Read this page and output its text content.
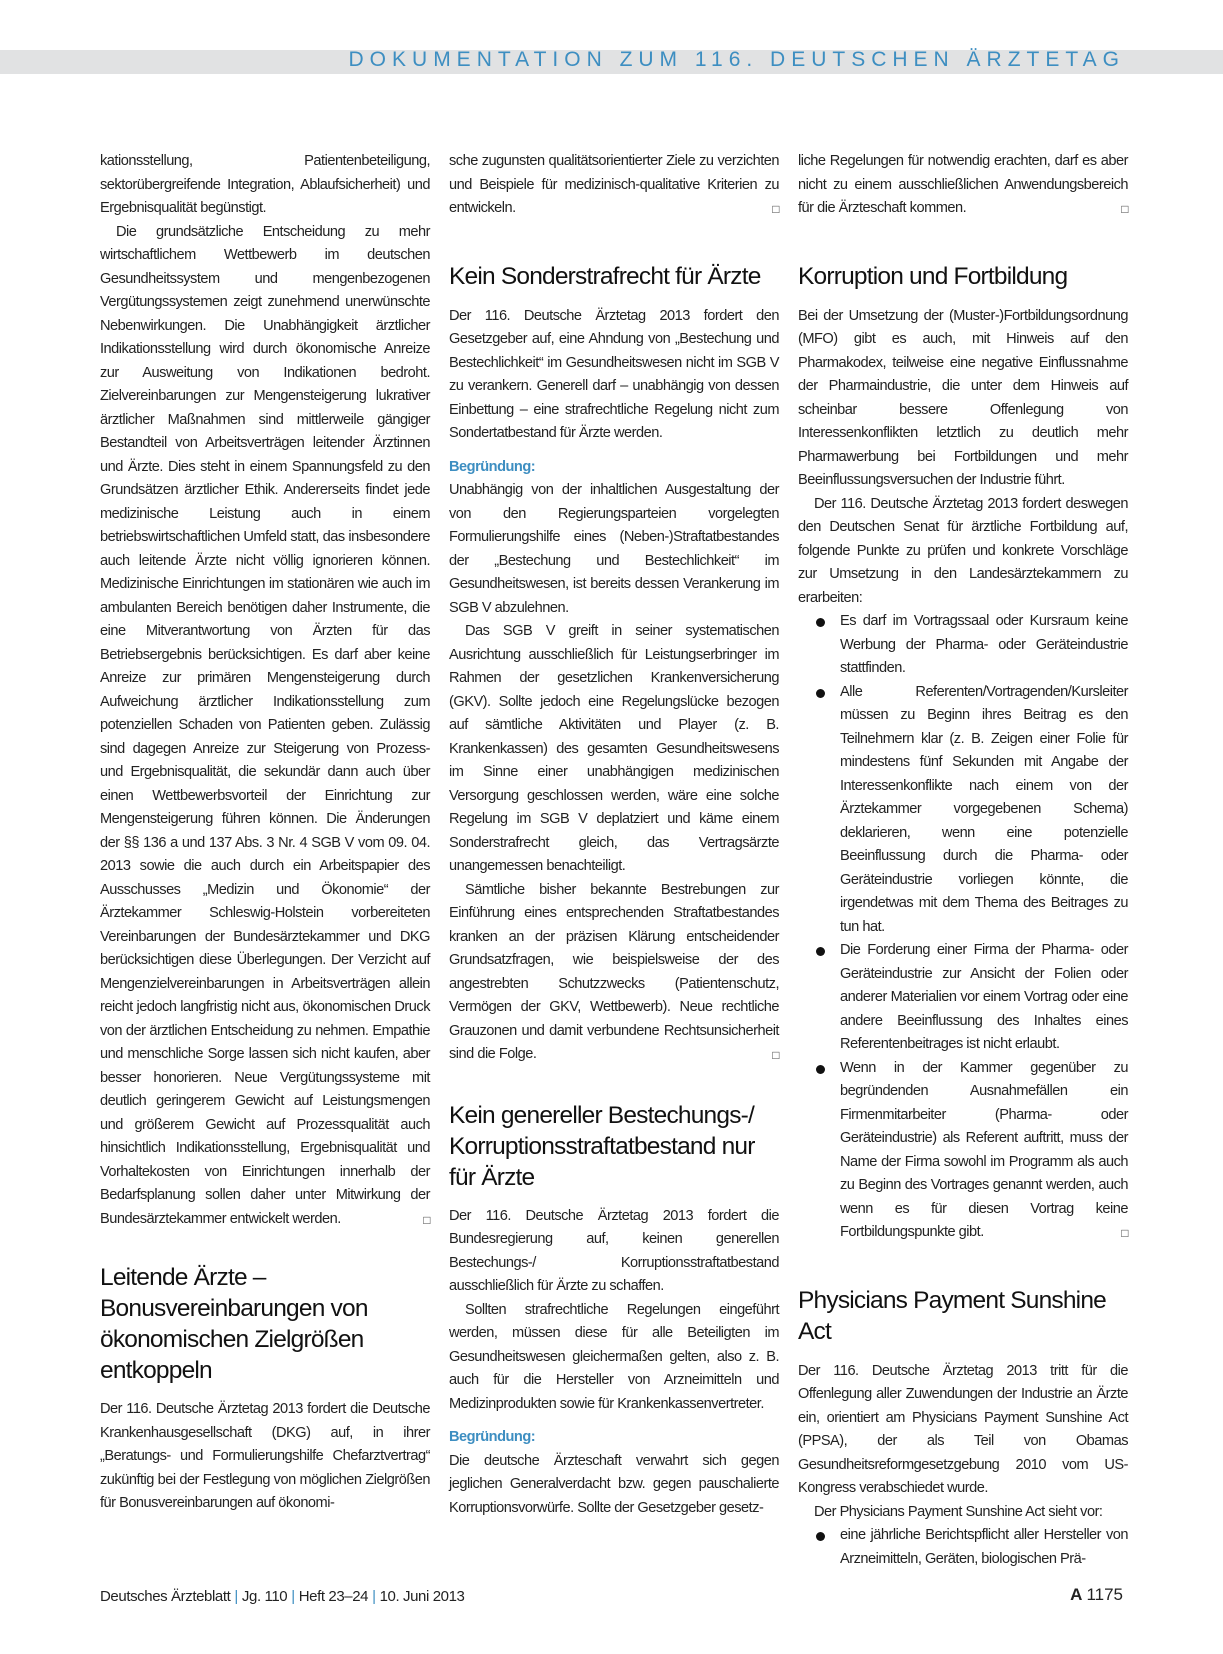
DOKUMENTATION ZUM 116. DEUTSCHEN ÄRZTETAG

kationsstellung, Patientenbeteiligung, sektorübergreifende Integration, Ablaufsicherheit) und Ergebnisqualität begünstigt.

Die grundsätzliche Entscheidung zu mehr wirtschaftlichem Wettbewerb im deutschen Gesundheitssystem und mengenbezogenen Vergütungssystemen zeigt zunehmend unerwünschte Nebenwirkungen. Die Unabhängigkeit ärztlicher Indikationsstellung wird durch ökonomische Anreize zur Ausweitung von Indikationen bedroht. Zielvereinbarungen zur Mengensteigerung lukrativer ärztlicher Maßnahmen sind mittlerweile gängiger Bestandteil von Arbeitsverträgen leitender Ärztinnen und Ärzte. Dies steht in einem Spannungsfeld zu den Grundsätzen ärztlicher Ethik. Andererseits findet jede medizinische Leistung auch in einem betriebswirtschaftlichen Umfeld statt, das insbesondere auch leitende Ärzte nicht völlig ignorieren können. Medizinische Einrichtungen im stationären wie auch im ambulanten Bereich benötigen daher Instrumente, die eine Mitverantwortung von Ärzten für das Betriebsergebnis berücksichtigen. Es darf aber keine Anreize zur primären Mengensteigerung durch Aufweichung ärztlicher Indikationsstellung zum potenziellen Schaden von Patienten geben. Zulässig sind dagegen Anreize zur Steigerung von Prozess- und Ergebnisqualität, die sekundär dann auch über einen Wettbewerbsvorteil der Einrichtung zur Mengensteigerung führen können. Die Änderungen der §§ 136 a und 137 Abs. 3 Nr. 4 SGB V vom 09. 04. 2013 sowie die auch durch ein Arbeitspapier des Ausschusses „Medizin und Ökonomie“ der Ärztekammer Schleswig-Holstein vorbereiteten Vereinbarungen der Bundesärztekammer und DKG berücksichtigen diese Überlegungen. Der Verzicht auf Mengenzielvereinbarungen in Arbeitsverträgen allein reicht jedoch langfristig nicht aus, ökonomischen Druck von der ärztlichen Entscheidung zu nehmen. Empathie und menschliche Sorge lassen sich nicht kaufen, aber besser honorieren. Neue Vergütungssysteme mit deutlich geringerem Gewicht auf Leistungsmengen und größerem Gewicht auf Prozessqualität auch hinsichtlich Indikationsstellung, Ergebnisqualität und Vorhaltekosten von Einrichtungen innerhalb der Bedarfsplanung sollen daher unter Mitwirkung der Bundesärztekammer entwickelt werden.	□

Leitende Ärzte – Bonusvereinbarungen von ökonomischen Zielgrößen entkoppeln

Der 116. Deutsche Ärztetag 2013 fordert die Deutsche Krankenhausgesellschaft (DKG) auf, in ihrer „Beratungs- und Formulierungshilfe Chefarztvertrag“ zukünftig bei der Festlegung von möglichen Zielgrößen für Bonusvereinbarungen auf ökonomi-

sche zugunsten qualitätsorientierter Ziele zu verzichten und Beispiele für medizinisch-qualitative Kriterien zu entwickeln.	□

Kein Sonderstrafrecht für Ärzte

Der 116. Deutsche Ärztetag 2013 fordert den Gesetzgeber auf, eine Ahndung von „Bestechung und Bestechlichkeit“ im Gesundheitswesen nicht im SGB V zu verankern. Generell darf – unabhängig von dessen Einbettung – eine strafrechtliche Regelung nicht zum Sondertatbestand für Ärzte werden.

Begründung:

Unabhängig von der inhaltlichen Ausgestaltung der von den Regierungsparteien vorgelegten Formulierungshilfe eines (Neben-)Straftatbestandes der „Bestechung und Bestechlichkeit“ im Gesundheitswesen, ist bereits dessen Verankerung im SGB V abzulehnen.

Das SGB V greift in seiner systematischen Ausrichtung ausschließlich für Leistungserbringer im Rahmen der gesetzlichen Krankenversicherung (GKV). Sollte jedoch eine Regelungslücke bezogen auf sämtliche Aktivitäten und Player (z. B. Krankenkassen) des gesamten Gesundheitswesens im Sinne einer unabhängigen medizinischen Versorgung geschlossen werden, wäre eine solche Regelung im SGB V deplatziert und käme einem Sonderstrafrecht gleich, das Vertragsärzte unangemessen benachteiligt.

Sämtliche bisher bekannte Bestrebungen zur Einführung eines entsprechenden Straftatbestandes kranken an der präzisen Klärung entscheidender Grundsatzfragen, wie beispielsweise der des angestrebten Schutzzwecks (Patientenschutz, Vermögen der GKV, Wettbewerb). Neue rechtliche Grauzonen und damit verbundene Rechtsunsicherheit sind die Folge.	□

Kein genereller Bestechungs-/ Korruptionsstraftatbestand nur für Ärzte

Der 116. Deutsche Ärztetag 2013 fordert die Bundesregierung auf, keinen generellen Bestechungs-/ Korruptionsstraftatbestand ausschließlich für Ärzte zu schaffen.

Sollten strafrechtliche Regelungen eingeführt werden, müssen diese für alle Beteiligten im Gesundheitswesen gleichermaßen gelten, also z. B. auch für die Hersteller von Arzneimitteln und Medizinprodukten sowie für Krankenkassenvertreter.

Begründung:

Die deutsche Ärzteschaft verwahrt sich gegen jeglichen Generalverdacht bzw. gegen pauschalierte Korruptionsvorwürfe. Sollte der Gesetzgeber gesetz-

liche Regelungen für notwendig erachten, darf es aber nicht zu einem ausschließlichen Anwendungsbereich für die Ärzteschaft kommen.	□

Korruption und Fortbildung

Bei der Umsetzung der (Muster-)Fortbildungsordnung (MFO) gibt es auch, mit Hinweis auf den Pharmakodex, teilweise eine negative Einflussnahme der Pharmaindustrie, die unter dem Hinweis auf scheinbar bessere Offenlegung von Interessenkonflikten letztlich zu deutlich mehr Pharmawerbung bei Fortbildungen und mehr Beeinflussungsversuchen der Industrie führt.

Der 116. Deutsche Ärztetag 2013 fordert deswegen den Deutschen Senat für ärztliche Fortbildung auf, folgende Punkte zu prüfen und konkrete Vorschläge zur Umsetzung in den Landesärztekammern zu erarbeiten:

Es darf im Vortragssaal oder Kursraum keine Werbung der Pharma- oder Geräteindustrie stattfinden.
Alle Referenten/Vortragenden/Kursleiter müssen zu Beginn ihres Beitrag es den Teilnehmern klar (z. B. Zeigen einer Folie für mindestens fünf Sekunden mit Angabe der Interessenkonflikte nach einem von der Ärztekammer vorgegebenen Schema) deklarieren, wenn eine potenzielle Beeinflussung durch die Pharma- oder Geräteindustrie vorliegen könnte, die irgendetwas mit dem Thema des Beitrages zu tun hat.
Die Forderung einer Firma der Pharma- oder Geräteindustrie zur Ansicht der Folien oder anderer Materialien vor einem Vortrag oder eine andere Beeinflussung des Inhaltes eines Referentenbeitrages ist nicht erlaubt.
Wenn in der Kammer gegenüber zu begründenden Ausnahmefällen ein Firmenmitarbeiter (Pharma- oder Geräteindustrie) als Referent auftritt, muss der Name der Firma sowohl im Programm als auch zu Beginn des Vortrages genannt werden, auch wenn es für diesen Vortrag keine Fortbildungspunkte gibt.	□
Physicians Payment Sunshine Act

Der 116. Deutsche Ärztetag 2013 tritt für die Offenlegung aller Zuwendungen der Industrie an Ärzte ein, orientiert am Physicians Payment Sunshine Act (PPSA), der als Teil von Obamas Gesundheitsreformgesetzgebung 2010 vom US-Kongress verabschiedet wurde.

Der Physicians Payment Sunshine Act sieht vor:

eine jährliche Berichtspflicht aller Hersteller von Arzneimitteln, Geräten, biologischen Prä-
Deutsches Ärzteblatt | Jg. 110 | Heft 23–24 | 10. Juni 2013	A 1175
